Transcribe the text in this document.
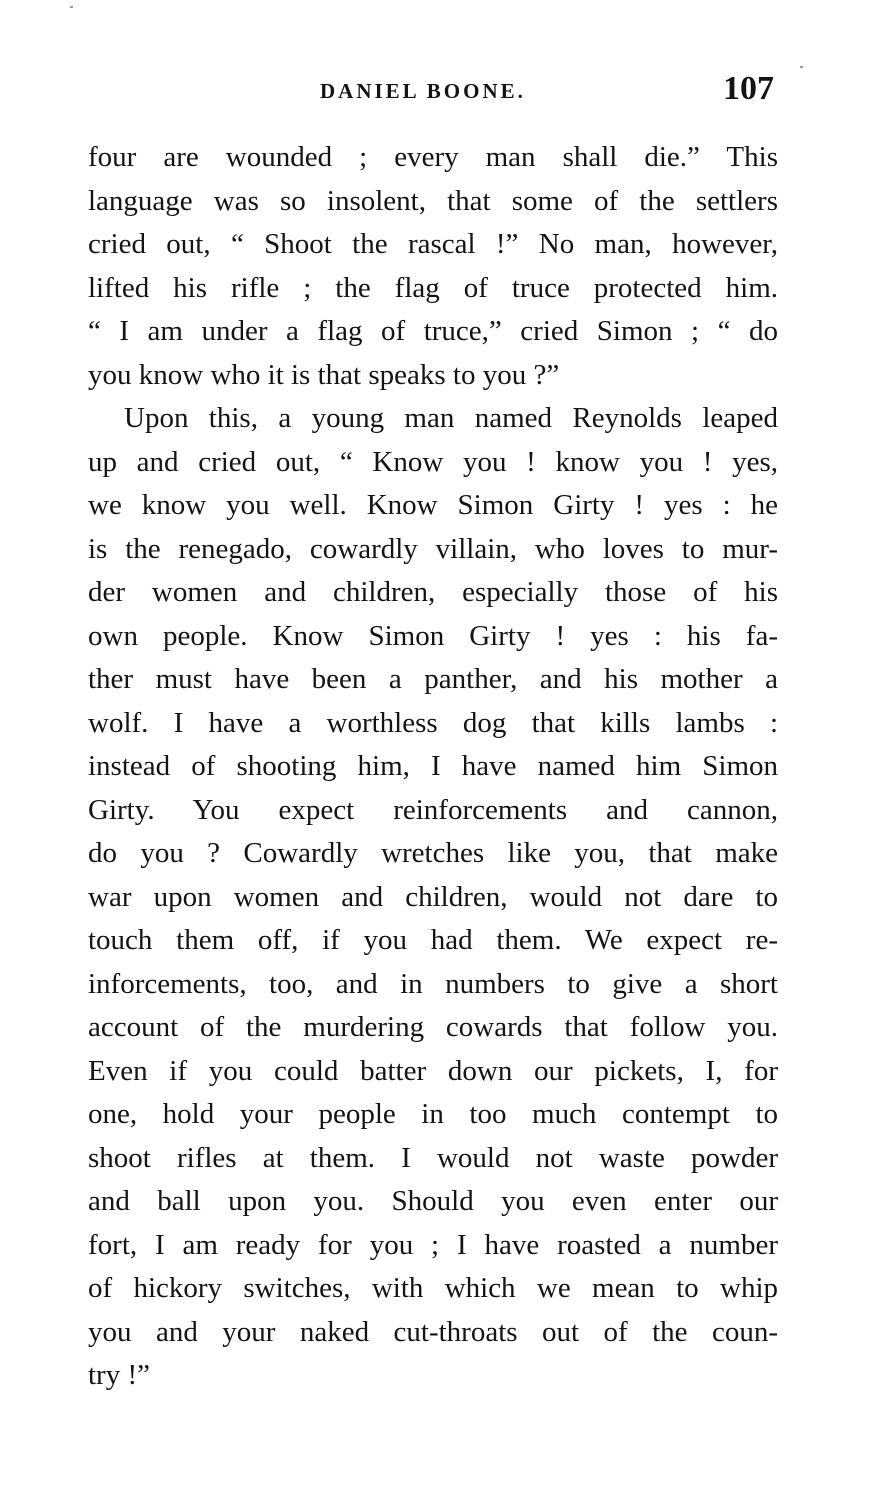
DANIEL BOONE.	107
four are wounded ; every man shall die.” This
language was so insolent, that some of the settlers
cried out, “ Shoot the rascal !” No man, however,
lifted his rifle ; the flag of truce protected him.
“ I am under a flag of truce,” cried Simon ; “ do
you know who it is that speaks to you ?”
Upon this, a young man named Reynolds leaped
up and cried out, “ Know you ! know you ! yes,
we know you well. Know Simon Girty ! yes : he
is the renegado, cowardly villain, who loves to mur-
der women and children, especially those of his
own people. Know Simon Girty ! yes : his fa-
ther must have been a panther, and his mother a
wolf. I have a worthless dog that kills lambs :
instead of shooting him, I have named him Simon
Girty. You expect reinforcements and cannon,
do you ? Cowardly wretches like you, that make
war upon women and children, would not dare to
touch them off, if you had them. We expect re-
inforcements, too, and in numbers to give a short
account of the murdering cowards that follow you.
Even if you could batter down our pickets, I, for
one, hold your people in too much contempt to
shoot rifles at them. I would not waste powder
and ball upon you. Should you even enter our
fort, I am ready for you ; I have roasted a number
of hickory switches, with which we mean to whip
you and your naked cut-throats out of the coun-
try !”
